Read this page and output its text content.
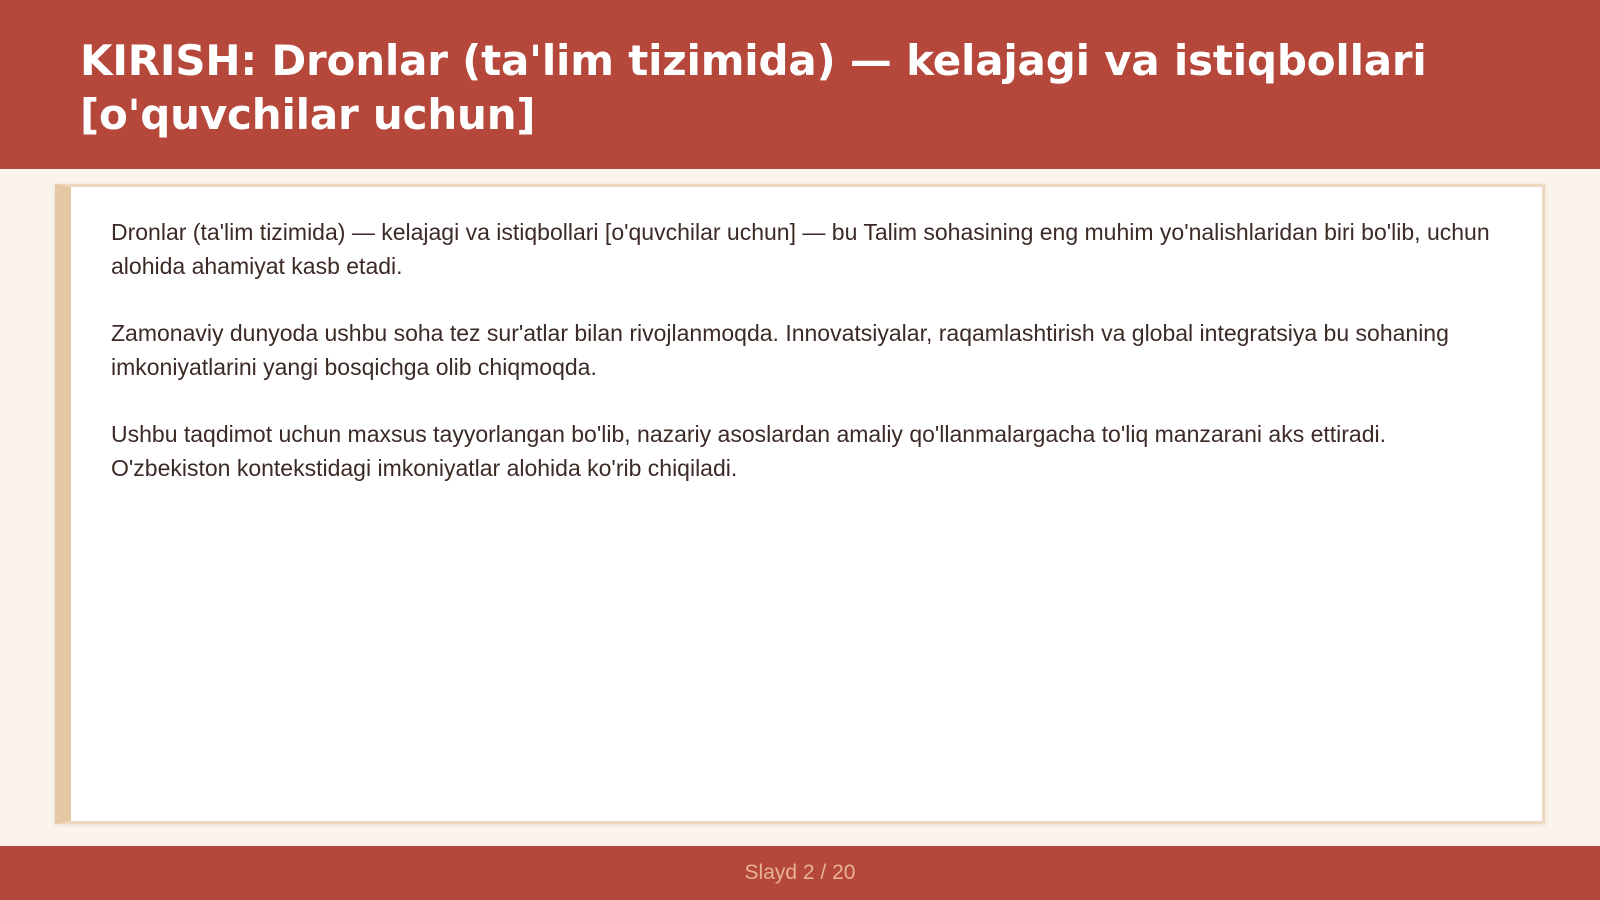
KIRISH: Dronlar (ta'lim tizimida) — kelajagi va istiqbollari [o'quvchilar uchun]

Dronlar (ta'lim tizimida) — kelajagi va istiqbollari [o'quvchilar uchun] — bu Talim sohasining eng muhim yo'nalishlaridan biri bo'lib, uchun alohida ahamiyat kasb etadi.

Zamonaviy dunyoda ushbu soha tez sur'atlar bilan rivojlanmoqda. Innovatsiyalar, raqamlashtirish va global integratsiya bu sohaning imkoniyatlarini yangi bosqichga olib chiqmoqda.

Ushbu taqdimot uchun maxsus tayyorlangan bo'lib, nazariy asoslardan amaliy qo'llanmalargacha to'liq manzarani aks ettiradi. O'zbekiston kontekstidagi imkoniyatlar alohida ko'rib chiqiladi.

Slayd 2 / 20
